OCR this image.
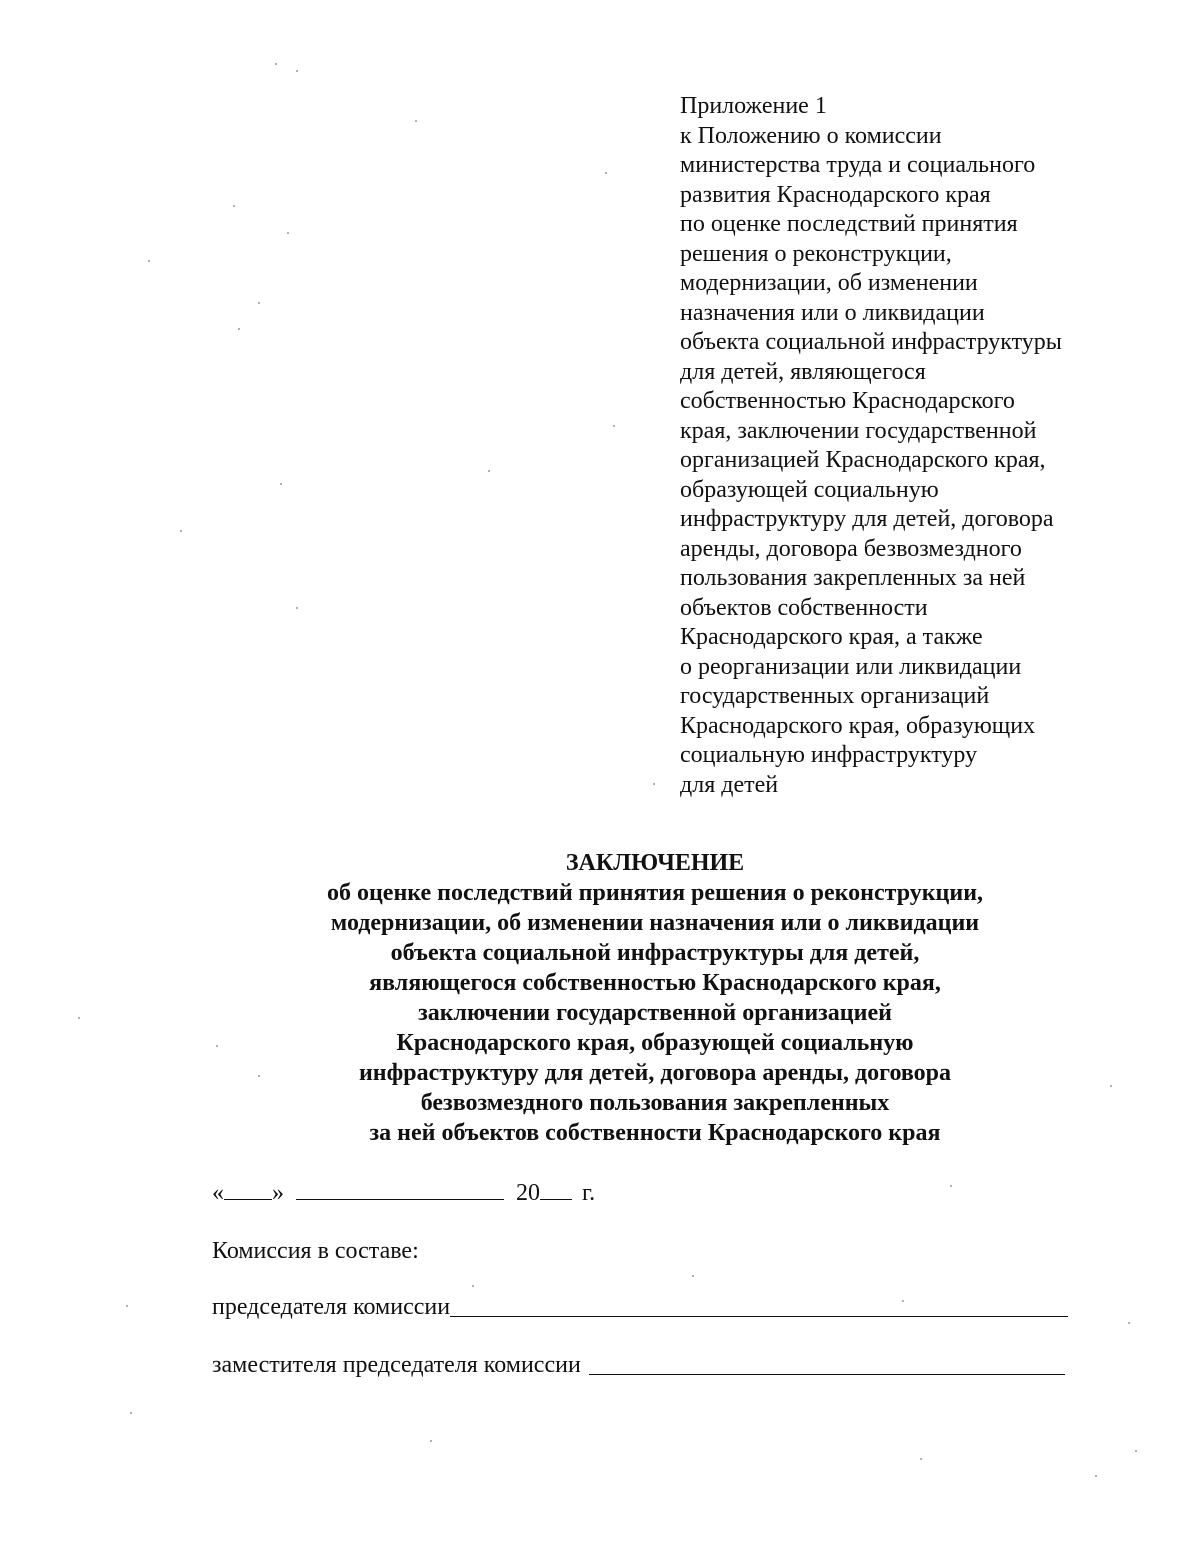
Приложение 1
к Положению о комиссии
министерства труда и социального
развития Краснодарского края
по оценке последствий принятия
решения о реконструкции,
модернизации, об изменении
назначения или о ликвидации
объекта социальной инфраструктуры
для детей, являющегося
собственностью Краснодарского
края, заключении государственной
организацией Краснодарского края,
образующей социальную
инфраструктуру для детей, договора
аренды, договора безвозмездного
пользования закрепленных за ней
объектов собственности
Краснодарского края, а также
о реорганизации или ликвидации
государственных организаций
Краснодарского края, образующих
социальную инфраструктуру
для детей
ЗАКЛЮЧЕНИЕ
об оценке последствий принятия решения о реконструкции,
модернизации, об изменении назначения или о ликвидации
объекта социальной инфраструктуры для детей,
являющегося собственностью Краснодарского края,
заключении государственной организацией
Краснодарского края, образующей социальную
инфраструктуру для детей, договора аренды, договора
безвозмездного пользования закрепленных
за ней объектов собственности Краснодарского края
« »	20 г.
Комиссия в составе:
председателя комиссии
заместителя председателя комиссии
